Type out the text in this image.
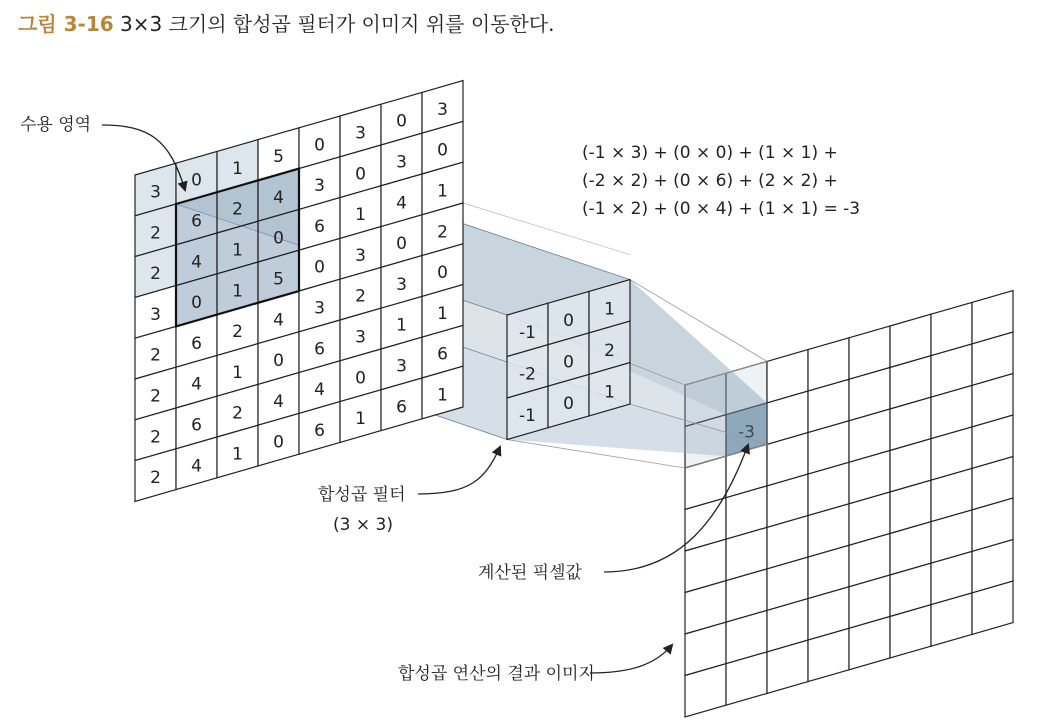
그림 3-16 3×3 크기의 합성곱 필터가 이미지 위를 이동한다.
-3
-1
0
1
-2
0
2
-1
0
1
3
0
1
5
0
3
0
3
2
6
2
4
3
0
3
0
2
4
1
0
6
1
4
1
3
0
1
5
0
3
0
2
2
6
2
4
3
2
3
0
2
4
1
0
6
3
1
1
2
6
2
4
4
0
3
6
2
4
1
0
6
1
6
1
(-1 × 3) + (0 × 0) + (1 × 1) +
(-2 × 2) + (0 × 6) + (2 × 2) +
(-1 × 2) + (0 × 4) + (1 × 1) = -3
수용 영역
합성곱 필터
(3 × 3)
계산된 픽셀값
합성곱 연산의 결과 이미지
